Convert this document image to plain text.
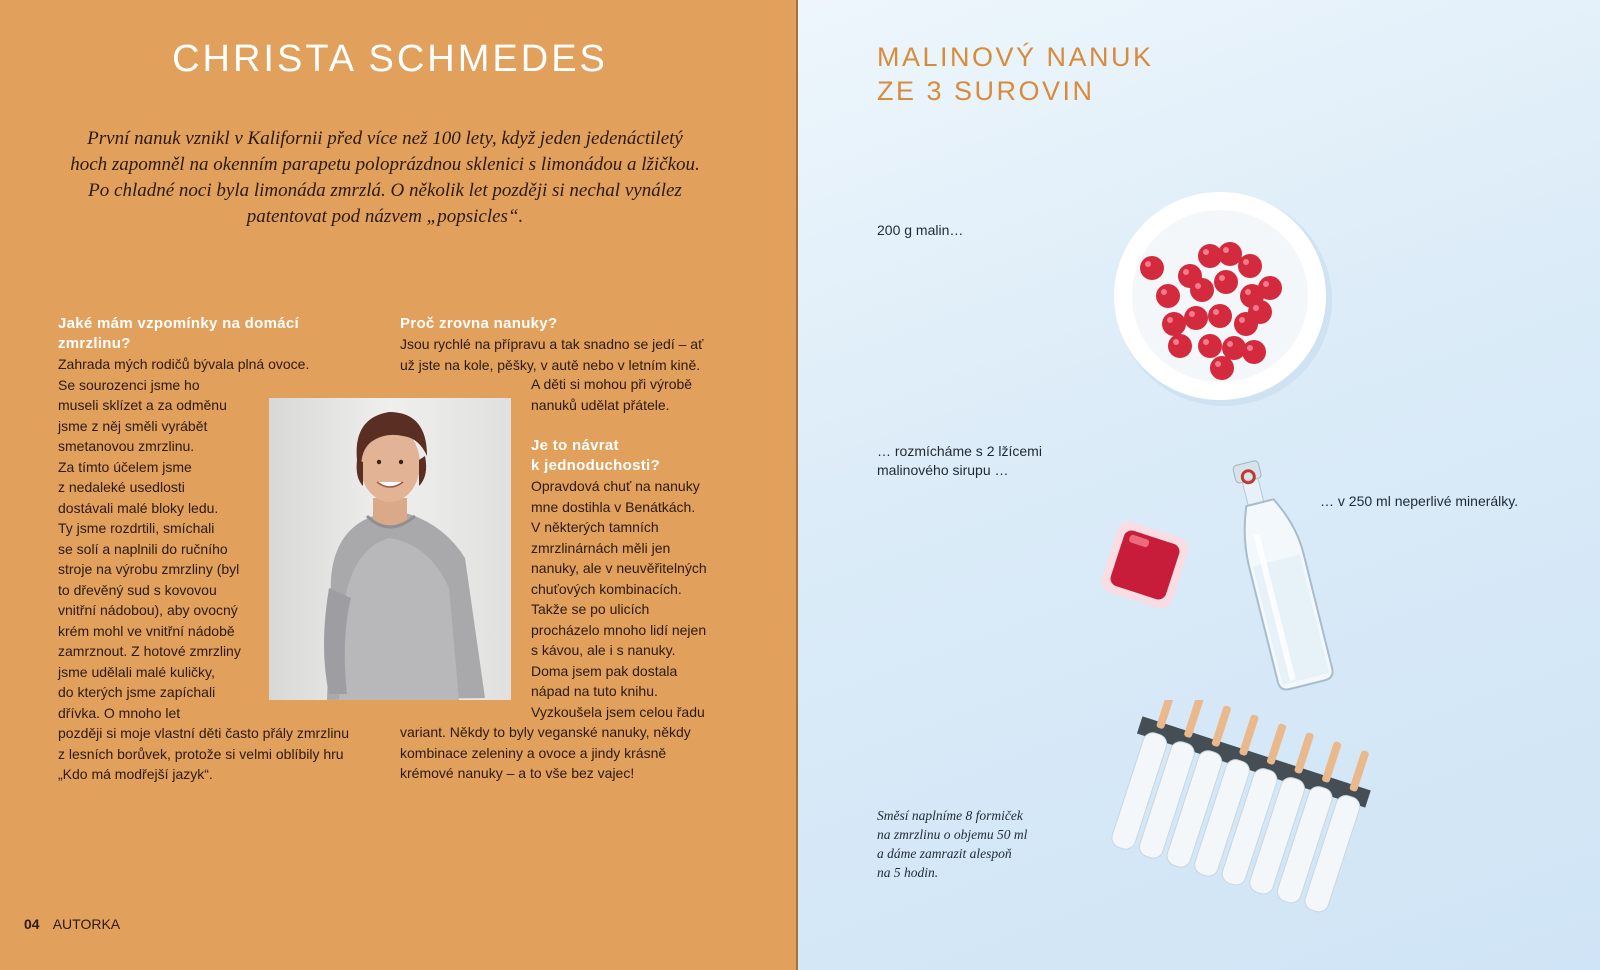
CHRISTA SCHMEDES
První nanuk vznikl v Kalifornii před více než 100 lety, když jeden jedenáctiletý
hoch zapomněl na okenním parapetu poloprázdnou sklenici s limonádou a lžičkou.
Po chladné noci byla limonáda zmrzlá. O několik let později si nechal vynález
patentovat pod názvem „popsicles“.
Jaké mám vzpomínky na domácí
zmrzlinu?
Zahrada mých rodičů bývala plná ovoce.
Se sourozenci jsme ho
museli sklízet a za odměnu
jsme z něj směli vyrábět
smetanovou zmrzlinu.
Za tímto účelem jsme
z nedaleké usedlosti
dostávali malé bloky ledu.
Ty jsme rozdrtili, smíchali
se solí a naplnili do ručního
stroje na výrobu zmrzliny (byl
to dřevěný sud s kovovou
vnitřní nádobou), aby ovocný
krém mohl ve vnitřní nádobě
zamrznout. Z hotové zmrzliny
jsme udělali malé kuličky,
do kterých jsme zapíchali
dřívka. O mnoho let
později si moje vlastní děti často přály zmrzlinu
z lesních borůvek, protože si velmi oblíbily hru
„Kdo má modřejší jazyk“.
Proč zrovna nanuky?
Jsou rychlé na přípravu a tak snadno se jedí – ať
už jste na kole, pěšky, v autě nebo v letním kině.
A děti si mohou při výrobě
nanuků udělat přátele.
Je to návrat
k jednoduchosti?
Opravdová chuť na nanuky
mne dostihla v Benátkách.
V některých tamních
zmrzlinárnách měli jen
nanuky, ale v neuvěřitelných
chuťových kombinacích.
Takže se po ulicích
procházelo mnoho lidí nejen
s kávou, ale i s nanuky.
Doma jsem pak dostala
nápad na tuto knihu.
Vyzkoušela jsem celou řadu
variant. Někdy to byly veganské nanuky, někdy
kombinace zeleniny a ovoce a jindy krásně
krémové nanuky – a to vše bez vajec!
04 AUTORKA
MALINOVÝ NANUK
ZE 3 SUROVIN
200 g malin…
… rozmícháme s 2 lžícemi
malinového sirupu …
… v 250 ml neperlivé minerálky.
Směsí naplníme 8 formiček
na zmrzlinu o objemu 50 ml
a dáme zamrazit alespoň
na 5 hodin.
